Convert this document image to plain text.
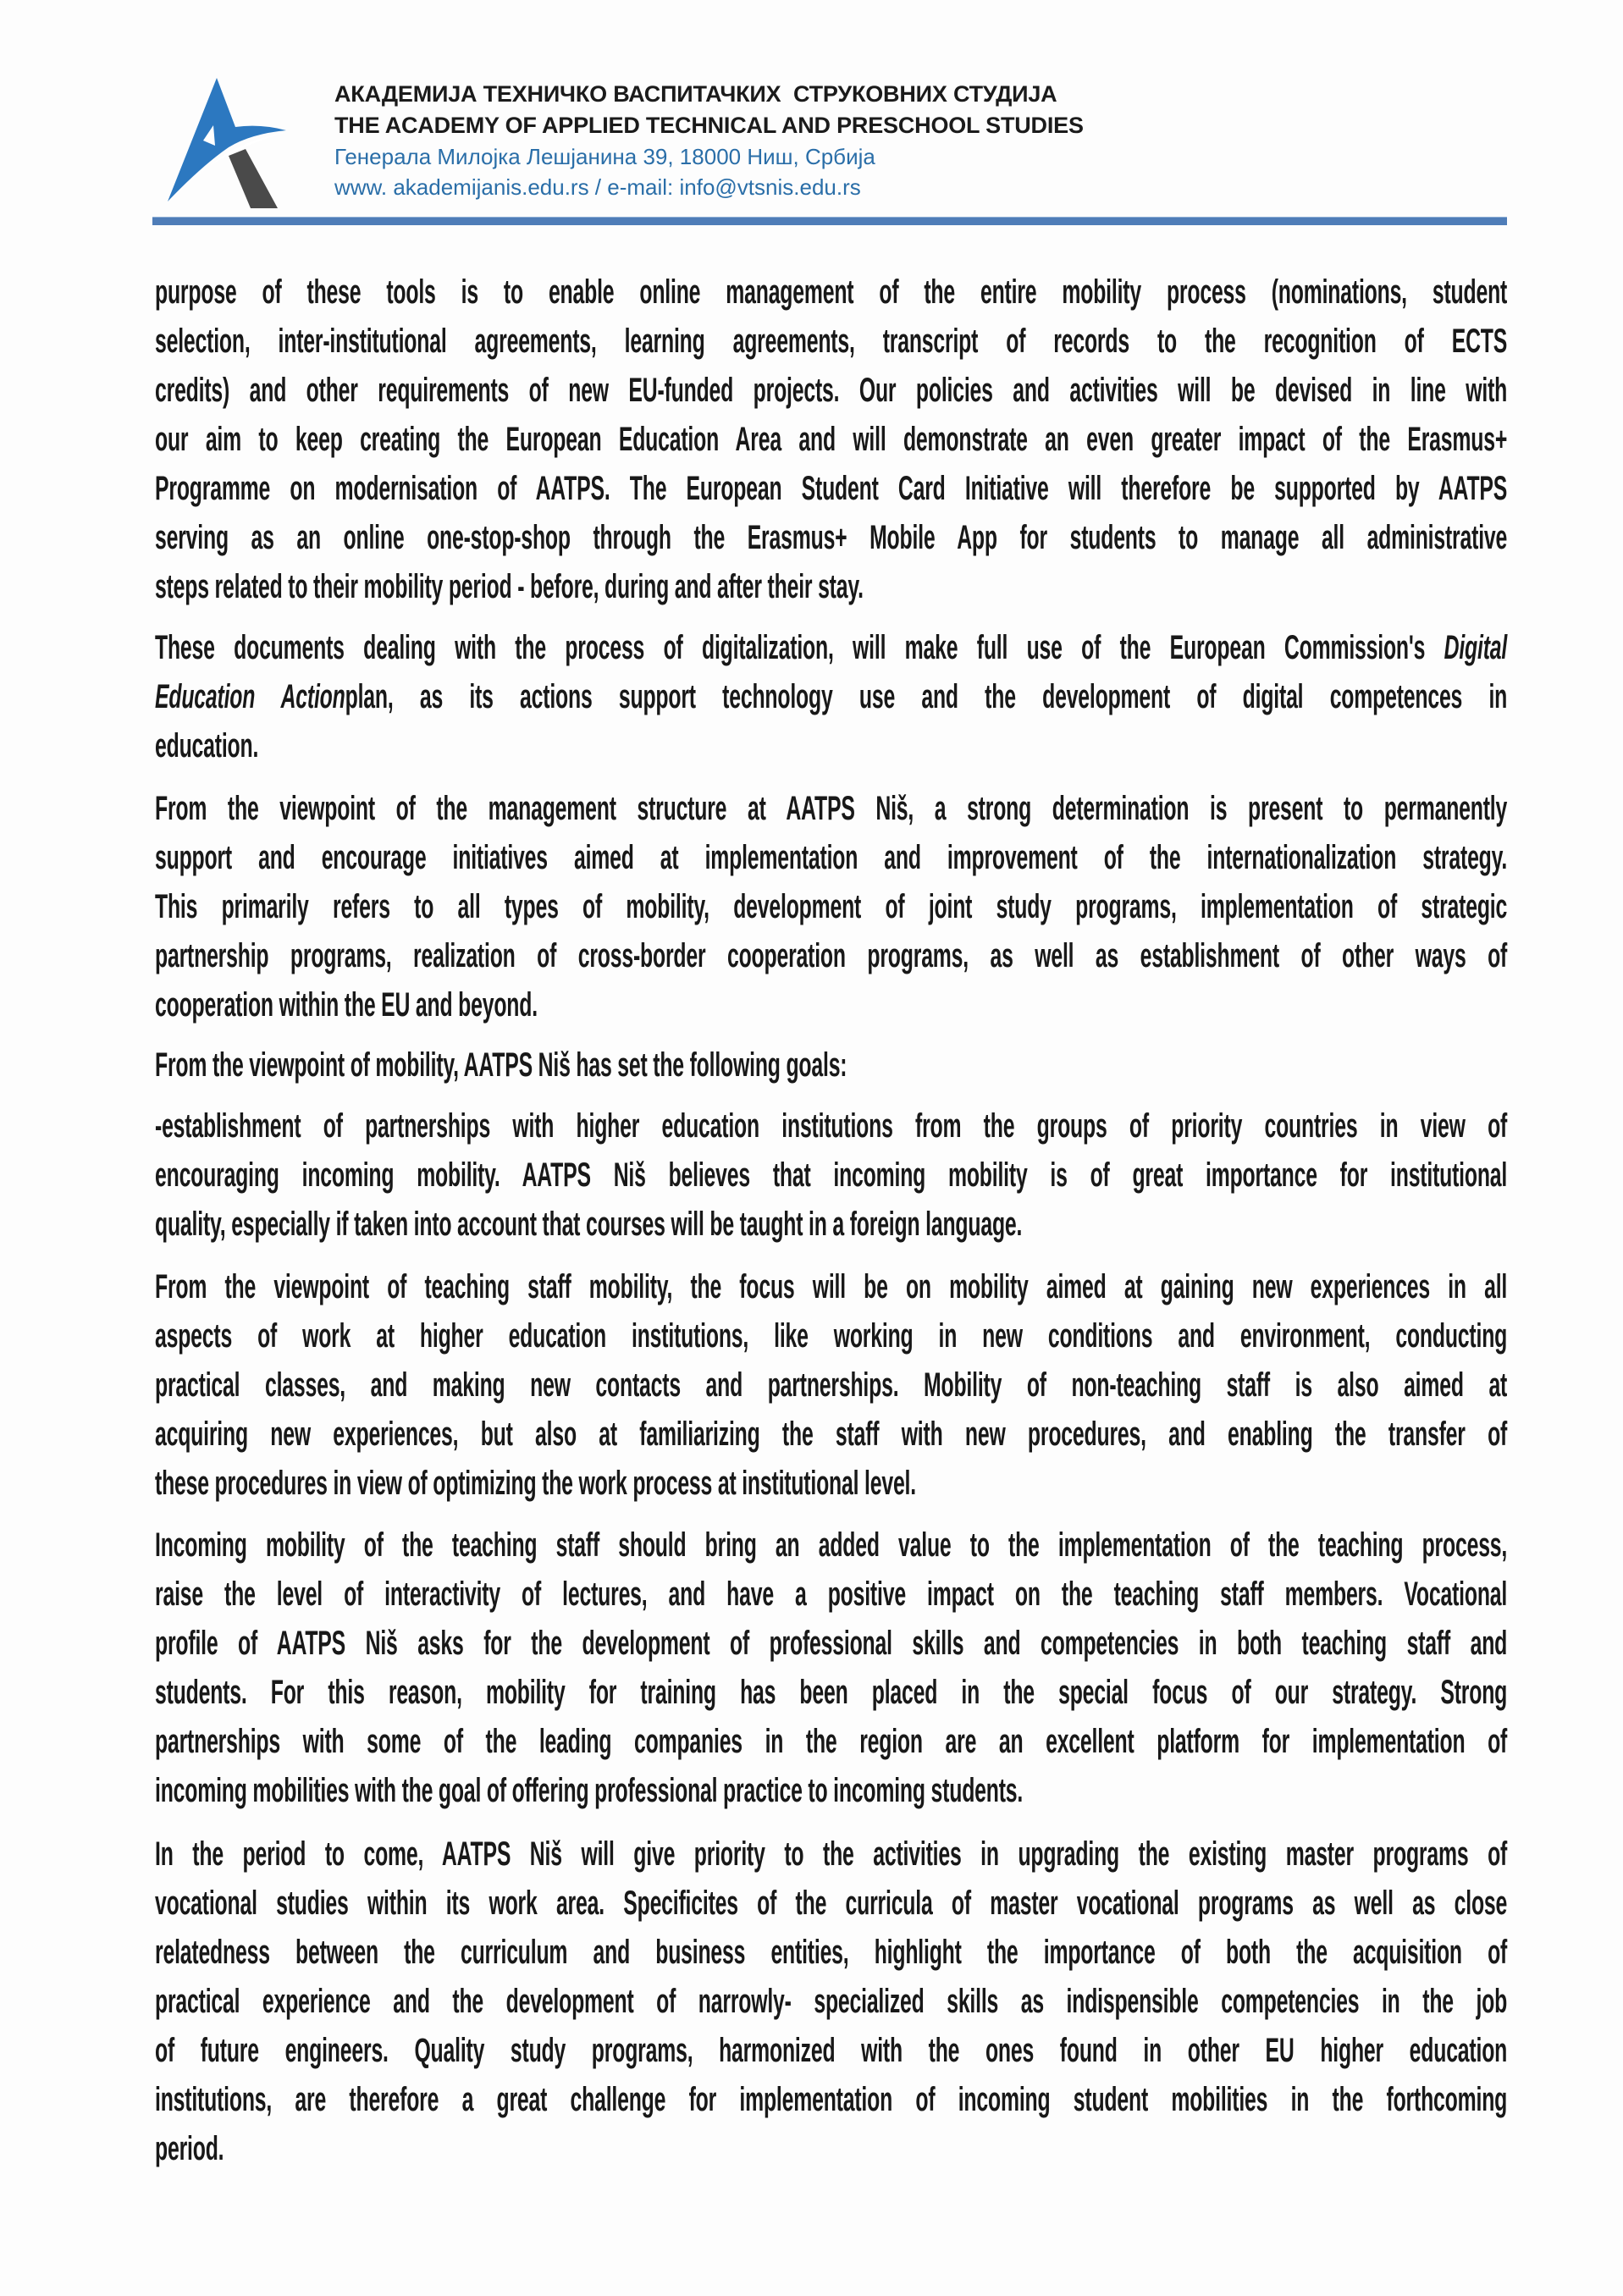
АКАДЕМИЈА ТЕХНИЧКО ВАСПИТАЧКИХ  СТРУКОВНИХ СТУДИЈА
THE ACADEMY OF APPLIED TECHNICAL AND PRESCHOOL STUDIES
Генерала Милојка Лешјанина 39, 18000 Ниш, Србија
www. akademijanis.edu.rs / e-mail: info@vtsnis.edu.rs
purpose of these tools is to enable online management of the entire mobility process (nominations, student
selection, inter-institutional agreements, learning agreements, transcript of records to the recognition of ECTS
credits) and other requirements of new EU-funded projects. Our policies and activities will be devised in line with
our aim to keep creating the European Education Area and will demonstrate an even greater impact of the Erasmus+
Programme on modernisation of AATPS. The European Student Card Initiative will therefore be supported by AATPS
serving as an online one-stop-shop through the Erasmus+ Mobile App for students to manage all administrative
steps related to their mobility period - before, during and after their stay.
These documents dealing with the process of digitalization, will make full use of the European Commission's Digital
Education Actionplan, as its actions support technology use and the development of digital competences in
education.
From the viewpoint of the management structure at AATPS Niš, a strong determination is present to permanently
support and encourage initiatives aimed at implementation and improvement of the internationalization strategy.
This primarily refers to all types of mobility, development of joint study programs, implementation of strategic
partnership programs, realization of cross-border cooperation programs, as well as establishment of other ways of
cooperation within the EU and beyond.
From the viewpoint of mobility, AATPS Niš has set the following goals:
-establishment of partnerships with higher education institutions from the groups of priority countries in view of
encouraging incoming mobility. AATPS Niš believes that incoming mobility is of great importance for institutional
quality, especially if taken into account that courses will be taught in a foreign language.
From the viewpoint of teaching staff mobility, the focus will be on mobility aimed at gaining new experiences in all
aspects of work at higher education institutions, like working in new conditions and environment, conducting
practical classes, and making new contacts and partnerships. Mobility of non-teaching staff is also aimed at
acquiring new experiences, but also at familiarizing the staff with new procedures, and enabling the transfer of
these procedures in view of optimizing the work process at institutional level.
Incoming mobility of the teaching staff should bring an added value to the implementation of the teaching process,
raise the level of interactivity of lectures, and have a positive impact on the teaching staff members. Vocational
profile of AATPS Niš asks for the development of professional skills and competencies in both teaching staff and
students. For this reason, mobility for training has been placed in the special focus of our strategy. Strong
partnerships with some of the leading companies in the region are an excellent platform for implementation of
incoming mobilities with the goal of offering professional practice to incoming students.
In the period to come, AATPS Niš will give priority to the activities in upgrading the existing master programs of
vocational studies within its work area. Specificites of the curricula of master vocational programs as well as close
relatedness between the curriculum and business entities, highlight the importance of both the acquisition of
practical experience and the development of narrowly- specialized skills as indispensible competencies in the job
of future engineers. Quality study programs, harmonized with the ones found in other EU higher education
institutions, are therefore a great challenge for implementation of incoming student mobilities in the forthcoming
period.
